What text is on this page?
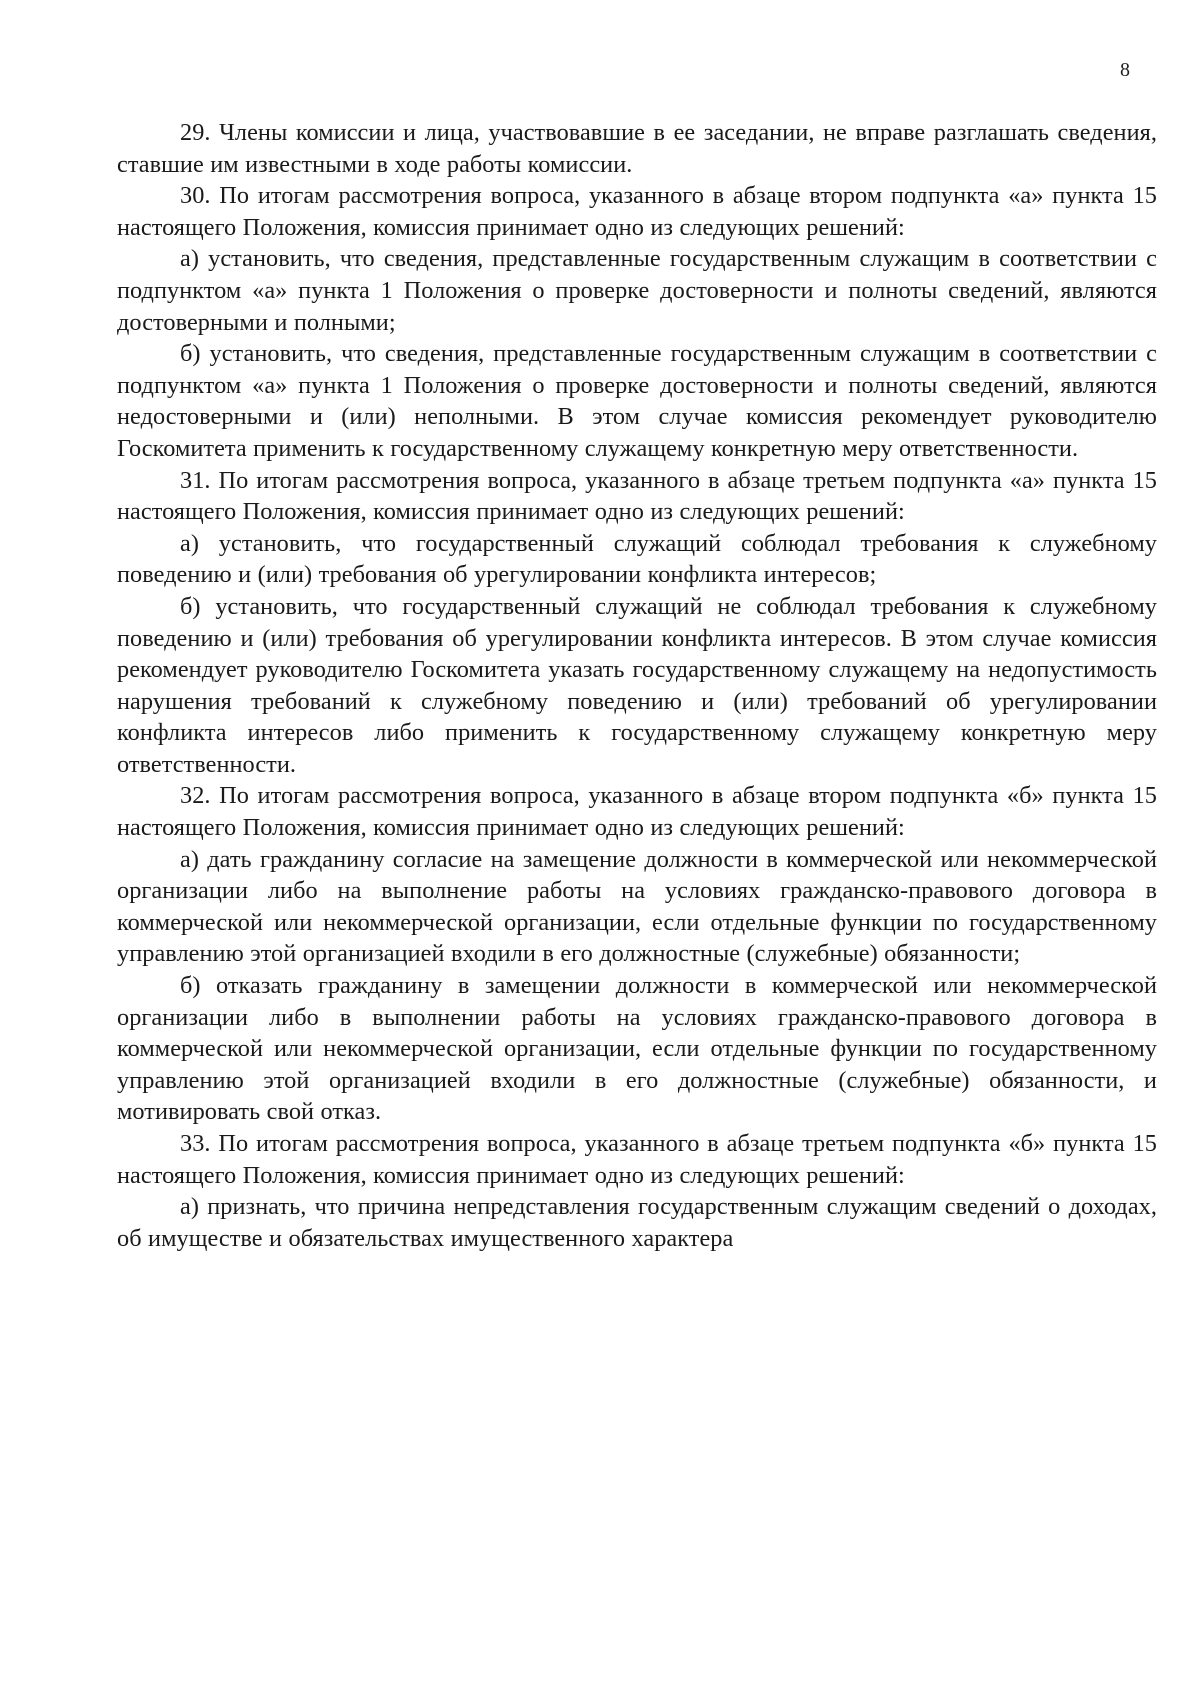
8

29. Члены комиссии и лица, участвовавшие в ее заседании, не вправе разглашать сведения, ставшие им известными в ходе работы комиссии.

30. По итогам рассмотрения вопроса, указанного в абзаце втором подпункта «а» пункта 15 настоящего Положения, комиссия принимает одно из следующих решений:

а) установить, что сведения, представленные государственным служащим в соответствии с подпунктом «а» пункта 1 Положения о проверке достоверности и полноты сведений, являются достоверными и полными;

б) установить, что сведения, представленные государственным служащим в соответствии с подпунктом «а» пункта 1 Положения о проверке достоверности и полноты сведений, являются недостоверными и (или) неполными. В этом случае комиссия рекомендует руководителю Госкомитета применить к государственному служащему конкретную меру ответственности.

31. По итогам рассмотрения вопроса, указанного в абзаце третьем подпункта «а» пункта 15 настоящего Положения, комиссия принимает одно из следующих решений:

а) установить, что государственный служащий соблюдал требования к служебному поведению и (или) требования об урегулировании конфликта интересов;

б) установить, что государственный служащий не соблюдал требования к служебному поведению и (или) требования об урегулировании конфликта интересов. В этом случае комиссия рекомендует руководителю Госкомитета указать государственному служащему на недопустимость нарушения требований к служебному поведению и (или) требований об урегулировании конфликта интересов либо применить к государственному служащему конкретную меру ответственности.

32. По итогам рассмотрения вопроса, указанного в абзаце втором подпункта «б» пункта 15 настоящего Положения, комиссия принимает одно из следующих решений:

а) дать гражданину согласие на замещение должности в коммерческой или некоммерческой организации либо на выполнение работы на условиях гражданско-правового договора в коммерческой или некоммерческой организации, если отдельные функции по государственному управлению этой организацией входили в его должностные (служебные) обязанности;

б) отказать гражданину в замещении должности в коммерческой или некоммерческой организации либо в выполнении работы на условиях гражданско-правового договора в коммерческой или некоммерческой организации, если отдельные функции по государственному управлению этой организацией входили в его должностные (служебные) обязанности, и мотивировать свой отказ.

33. По итогам рассмотрения вопроса, указанного в абзаце третьем подпункта «б» пункта 15 настоящего Положения, комиссия принимает одно из следующих решений:

а) признать, что причина непредставления государственным служащим сведений о доходах, об имуществе и обязательствах имущественного характера
